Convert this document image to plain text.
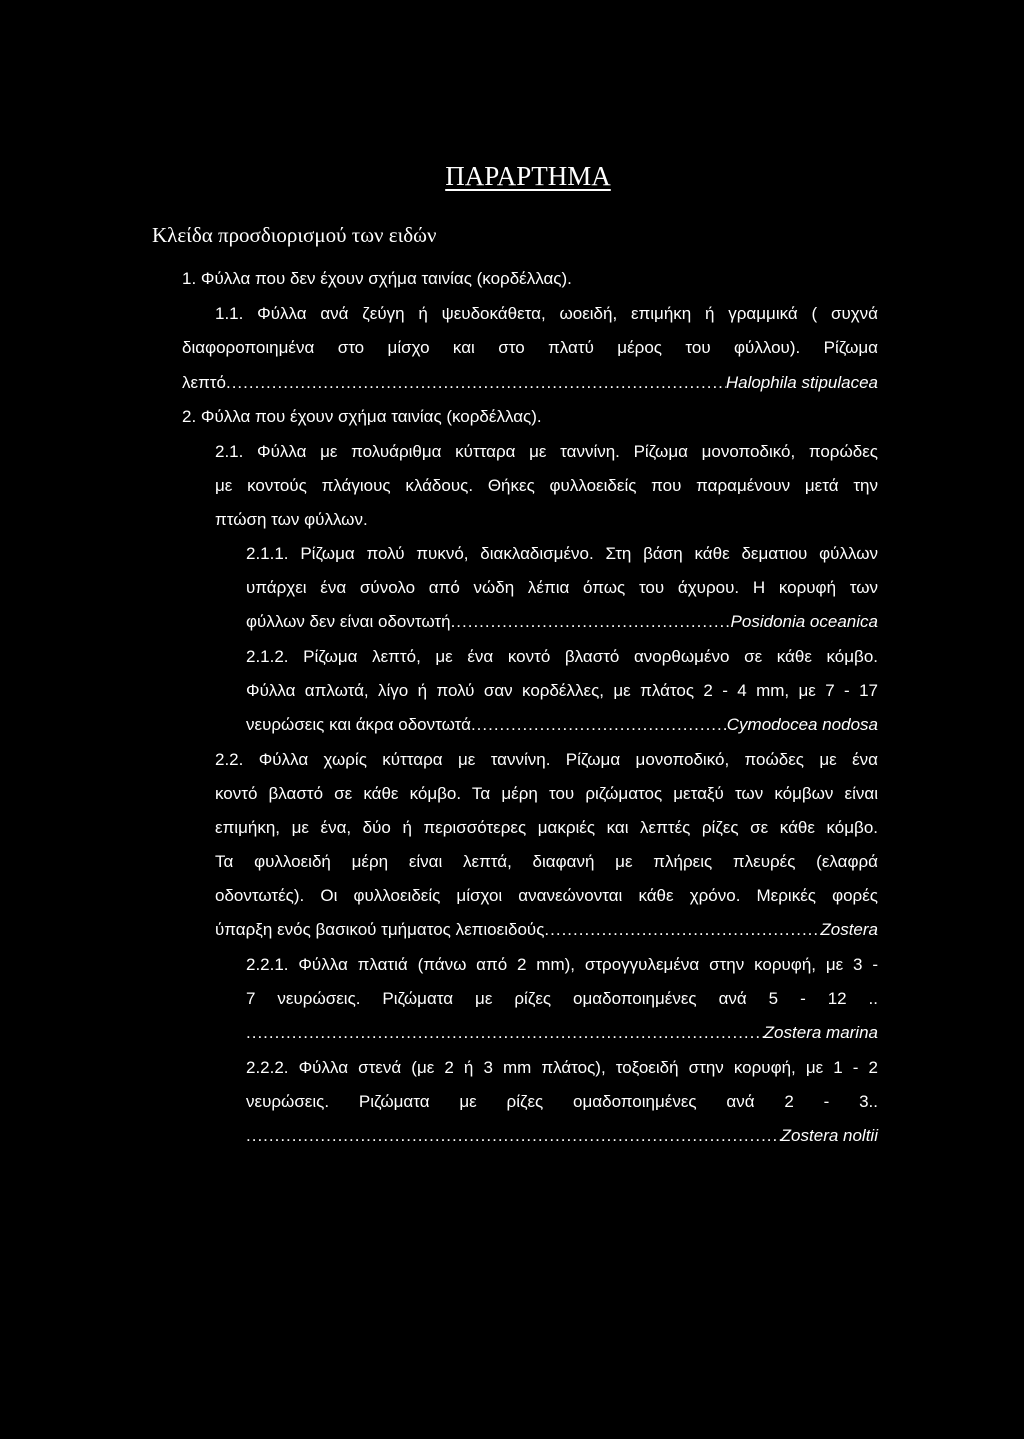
ΠΑΡΑΡΤΗΜΑ
Κλείδα προσδιορισμού των ειδών
1. Φύλλα που δεν έχουν σχήμα ταινίας (κορδέλλας).
1.1. Φύλλα ανά ζεύγη ή ψευδοκάθετα, ωοειδή, επιμήκη ή γραμμικά ( συχνά
διαφοροποιημένα στο μίσχο και στο πλατύ μέρος του φύλλου). Ρίζωμα
λεπτό .....	Halophila stipulacea
2. Φύλλα που έχουν σχήμα ταινίας (κορδέλλας).
2.1. Φύλλα με πολυάριθμα κύτταρα με ταννίνη. Ρίζωμα μονοποδικό, πορώδες
με κοντούς πλάγιους κλάδους. Θήκες φυλλοειδείς που παραμένουν μετά την
πτώση των φύλλων.
2.1.1. Ρίζωμα πολύ πυκνό, διακλαδισμένο. Στη βάση κάθε δεματιου φύλλων
υπάρχει ένα σύνολο από νώδη λέπια όπως του άχυρου. Η κορυφή των
φύλλων δεν είναι οδοντωτή .....	Posidonia oceanica
2.1.2. Ρίζωμα λεπτό, με ένα κοντό βλαστό ανορθωμένο σε κάθε κόμβο.
Φύλλα απλωτά, λίγο ή πολύ σαν κορδέλλες, με πλάτος 2 - 4 mm, με 7 - 17
νευρώσεις και άκρα οδοντωτά .....	Cymodocea nodosa
2.2. Φύλλα χωρίς κύτταρα με ταννίνη. Ρίζωμα μονοποδικό, ποώδες με ένα
κοντό βλαστό σε κάθε κόμβο. Τα μέρη του ριζώματος μεταξύ των κόμβων είναι
επιμήκη, με ένα, δύο ή περισσότερες μακριές και λεπτές ρίζες σε κάθε κόμβο.
Τα φυλλοειδή μέρη είναι λεπτά, διαφανή με πλήρεις πλευρές (ελαφρά
οδοντωτές). Οι φυλλοειδείς μίσχοι ανανεώνονται κάθε χρόνο. Μερικές φορές
ύπαρξη ενός βασικού τμήματος λεπιοειδούς .....	Zostera
2.2.1. Φύλλα πλατιά (πάνω από 2 mm), στρογγυλεμένα στην κορυφή, με 3 -
7 νευρώσεις. Ριζώματα με ρίζες ομαδοποιημένες ανά 5 - 12 ..
.....
Zostera marina
2.2.2. Φύλλα στενά (με 2 ή 3 mm πλάτος), τοξοειδή στην κορυφή, με 1 - 2
νευρώσεις. Ριζώματα με ρίζες ομαδοποιημένες ανά 2 - 3..
.....
Zostera noltii
